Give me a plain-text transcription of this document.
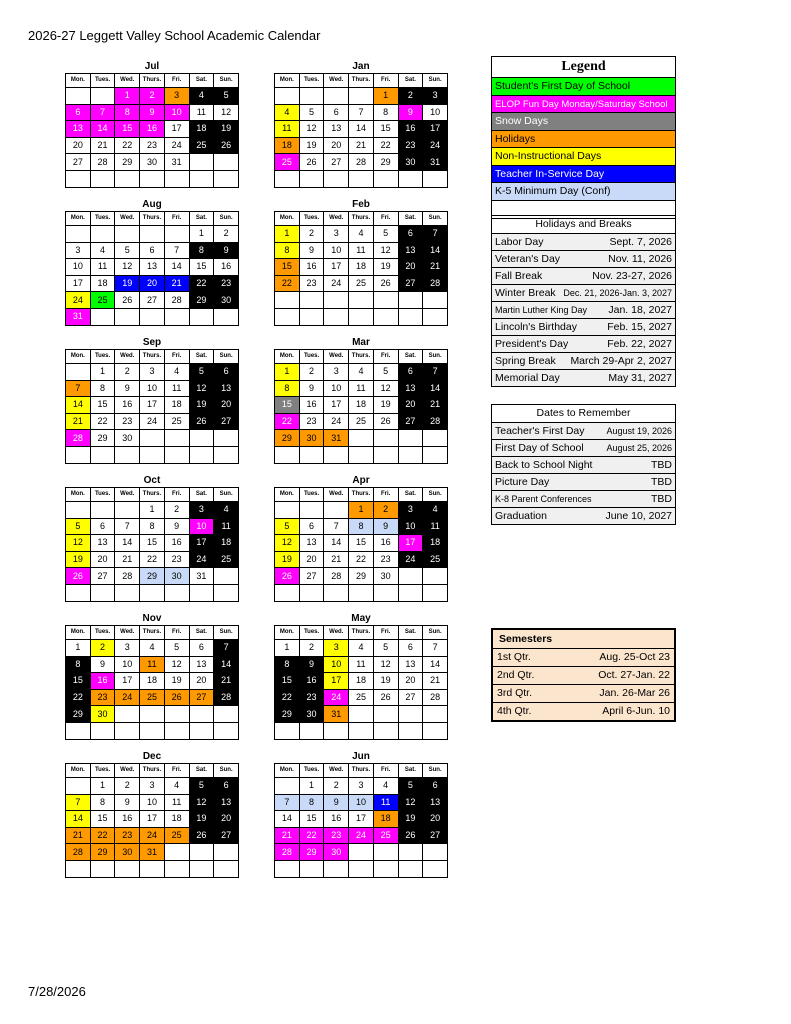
2026-27 Leggett Valley School Academic Calendar
Jul
Mon.	Tues.	Wed.	Thurs.	Fri.	Sat.	Sun.
		1	2	3	4	5
6	7	8	9	10	11	12
13	14	15	16	17	18	19
20	21	22	23	24	25	26
27	28	29	30	31		

Jan
Mon.	Tues.	Wed.	Thurs.	Fri.	Sat.	Sun.
				1	2	3
4	5	6	7	8	9	10
11	12	13	14	15	16	17
18	19	20	21	22	23	24
25	26	27	28	29	30	31

Aug
Mon.	Tues.	Wed.	Thurs.	Fri.	Sat.	Sun.
					1	2
3	4	5	6	7	8	9
10	11	12	13	14	15	16
17	18	19	20	21	22	23
24	25	26	27	28	29	30
31						
Feb
Mon.	Tues.	Wed.	Thurs.	Fri.	Sat.	Sun.
1	2	3	4	5	6	7
8	9	10	11	12	13	14
15	16	17	18	19	20	21
22	23	24	25	26	27	28

Sep
Mon.	Tues.	Wed.	Thurs.	Fri.	Sat.	Sun.
	1	2	3	4	5	6
7	8	9	10	11	12	13
14	15	16	17	18	19	20
21	22	23	24	25	26	27
28	29	30				

Mar
Mon.	Tues.	Wed.	Thurs.	Fri.	Sat.	Sun.
1	2	3	4	5	6	7
8	9	10	11	12	13	14
15	16	17	18	19	20	21
22	23	24	25	26	27	28
29	30	31				

Oct
Mon.	Tues.	Wed.	Thurs.	Fri.	Sat.	Sun.
			1	2	3	4
5	6	7	8	9	10	11
12	13	14	15	16	17	18
19	20	21	22	23	24	25
26	27	28	29	30	31	

Apr
Mon.	Tues.	Wed.	Thurs.	Fri.	Sat.	Sun.
			1	2	3	4
5	6	7	8	9	10	11
12	13	14	15	16	17	18
19	20	21	22	23	24	25
26	27	28	29	30		

Nov
Mon.	Tues.	Wed.	Thurs.	Fri.	Sat.	Sun.
1	2	3	4	5	6	7
8	9	10	11	12	13	14
15	16	17	18	19	20	21
22	23	24	25	26	27	28
29	30					

May
Mon.	Tues.	Wed.	Thurs.	Fri.	Sat.	Sun.
1	2	3	4	5	6	7
8	9	10	11	12	13	14
15	16	17	18	19	20	21
22	23	24	25	26	27	28
29	30	31				

Dec
Mon.	Tues.	Wed.	Thurs.	Fri.	Sat.	Sun.
	1	2	3	4	5	6
7	8	9	10	11	12	13
14	15	16	17	18	19	20
21	22	23	24	25	26	27
28	29	30	31			

Jun
Mon.	Tues.	Wed.	Thurs.	Fri.	Sat.	Sun.
	1	2	3	4	5	6
7	8	9	10	11	12	13
14	15	16	17	18	19	20
21	22	23	24	25	26	27
28	29	30				

Legend
Student's First Day of School
ELOP Fun Day Monday/Saturday School
Snow Days
Holidays
Non-Instructional Days
Teacher In-Service Day
K-5 Minimum Day (Conf)
Holidays and Breaks
Labor Day	Sept. 7, 2026
Veteran's Day	Nov. 11, 2026
Fall Break	Nov. 23-27, 2026
Winter Break Dec. 21, 2026-Jan. 3, 2027
Martin Luther King Day Jan. 18, 2027
Lincoln's Birthday	Feb. 15, 2027
President's Day	Feb. 22, 2027
Spring Break March 29-Apr 2, 2027
Memorial Day	May 31, 2027
Dates to Remember
Teacher's First Day August 19, 2026
First Day of School	August 25, 2026
Back to School Night	TBD
Picture Day	TBD
K-8 Parent Conferences	TBD
Graduation	June 10, 2027
Semesters
1st Qtr.	Aug. 25-Oct 23
2nd Qtr.	Oct. 27-Jan. 22
3rd Qtr.	Jan. 26-Mar 26
4th Qtr.	April 6-Jun. 10
7/28/2026
